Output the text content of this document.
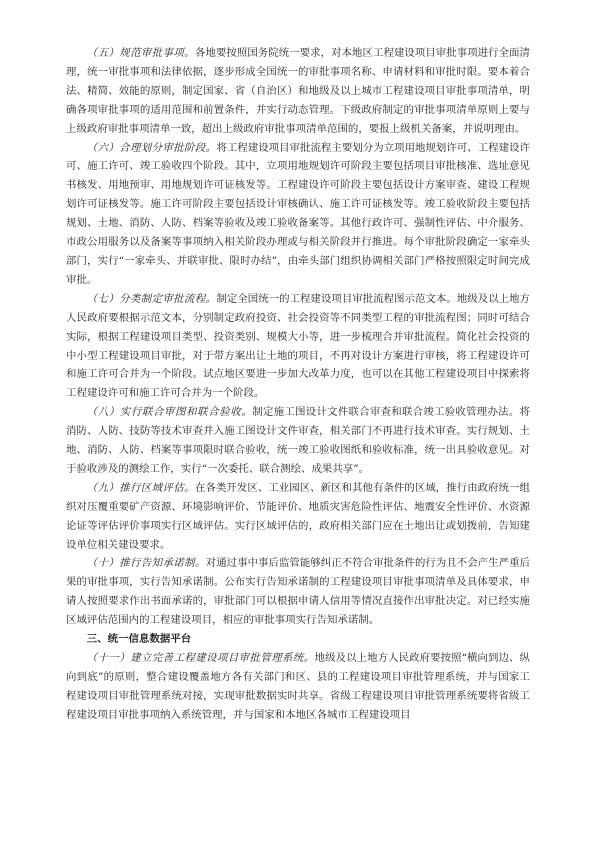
（五）规范审批事项。各地要按照国务院统一要求，对本地区工程建设项目审批事项进行全面清理，统一审批事项和法律依据，逐步形成全国统一的审批事项名称、申请材料和审批时限。要本着合法、精简、效能的原则，制定国家、省（自治区）和地级及以上城市工程建设项目审批事项清单，明确各项审批事项的适用范围和前置条件，并实行动态管理。下级政府制定的审批事项清单原则上要与上级政府审批事项清单一致，超出上级政府审批事项清单范围的，要报上级机关备案，并说明理由。

（六）合理划分审批阶段。将工程建设项目审批流程主要划分为立项用地规划许可、工程建设许可、施工许可、竣工验收四个阶段。其中，立项用地规划许可阶段主要包括项目审批核准、选址意见书核发、用地预审、用地规划许可证核发等。工程建设许可阶段主要包括设计方案审查、建设工程规划许可证核发等。施工许可阶段主要包括设计审核确认、施工许可证核发等。竣工验收阶段主要包括规划、土地、消防、人防、档案等验收及竣工验收备案等。其他行政许可、强制性评估、中介服务、市政公用服务以及备案等事项纳入相关阶段办理或与相关阶段并行推进。每个审批阶段确定一家牵头部门，实行“一家牵头、并联审批、限时办结”，由牵头部门组织协调相关部门严格按照限定时间完成审批。

（七）分类制定审批流程。制定全国统一的工程建设项目审批流程图示范文本。地级及以上地方人民政府要根据示范文本，分别制定政府投资、社会投资等不同类型工程的审批流程图；同时可结合实际，根据工程建设项目类型、投资类别、规模大小等，进一步梳理合并审批流程。简化社会投资的中小型工程建设项目审批，对于带方案出让土地的项目，不再对设计方案进行审核，将工程建设许可和施工许可合并为一个阶段。试点地区要进一步加大改革力度，也可以在其他工程建设项目中探索将工程建设许可和施工许可合并为一个阶段。

（八）实行联合审图和联合验收。制定施工图设计文件联合审查和联合竣工验收管理办法。将消防、人防、技防等技术审查并入施工图设计文件审查，相关部门不再进行技术审查。实行规划、土地、消防、人防、档案等事项限时联合验收，统一竣工验收图纸和验收标准，统一出具验收意见。对于验收涉及的测绘工作，实行“一次委托、联合测绘、成果共享”。

（九）推行区域评估。在各类开发区、工业园区、新区和其他有条件的区域，推行由政府统一组织对压覆重要矿产资源、环境影响评价、节能评价、地质灾害危险性评估、地震安全性评价、水资源论证等评估评价事项实行区域评估。实行区域评估的，政府相关部门应在土地出让或划拨前，告知建设单位相关建设要求。

（十）推行告知承诺制。对通过事中事后监管能够纠正不符合审批条件的行为且不会产生严重后果的审批事项，实行告知承诺制。公布实行告知承诺制的工程建设项目审批事项清单及具体要求，申请人按照要求作出书面承诺的，审批部门可以根据申请人信用等情况直接作出审批决定。对已经实施区域评估范围内的工程建设项目，相应的审批事项实行告知承诺制。

三、统一信息数据平台

（十一）建立完善工程建设项目审批管理系统。地级及以上地方人民政府要按照“横向到边、纵向到底”的原则，整合建设覆盖地方各有关部门和区、县的工程建设项目审批管理系统，并与国家工程建设项目审批管理系统对接，实现审批数据实时共享。省级工程建设项目审批管理系统要将省级工程建设项目审批事项纳入系统管理，并与国家和本地区各城市工程建设项目
